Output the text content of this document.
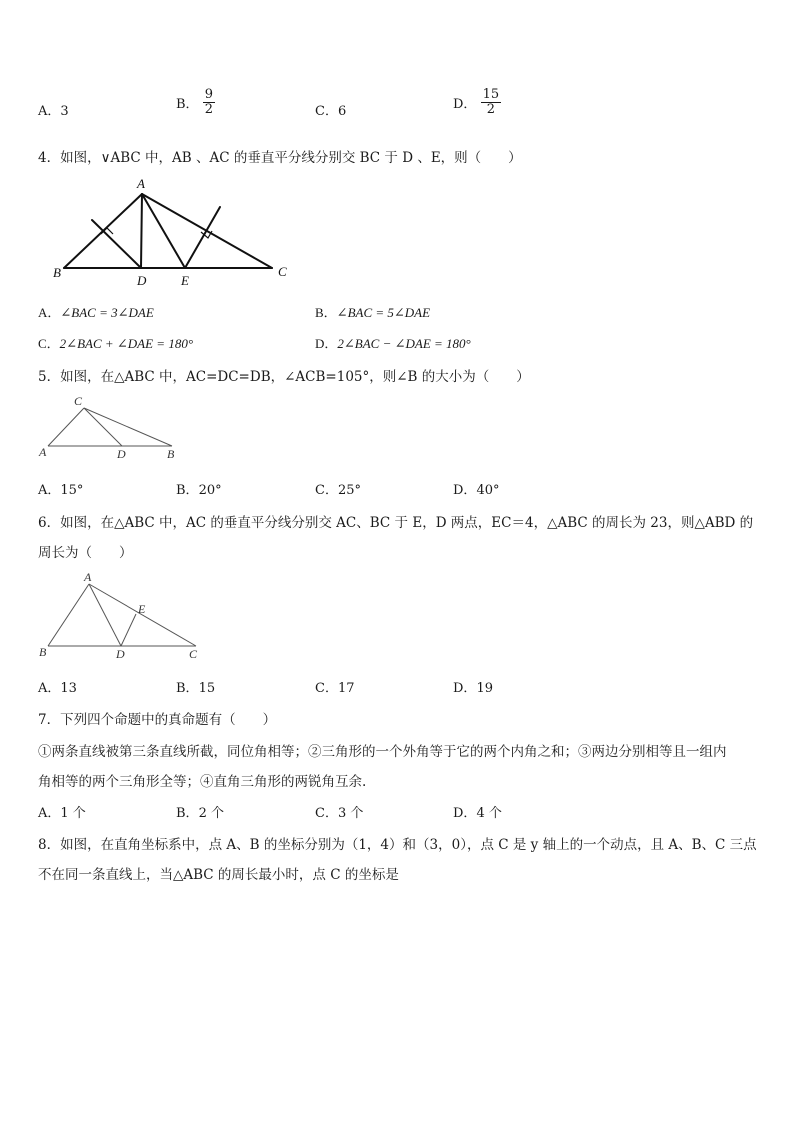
A．3	B． $\frac{9}{2}$	C．6	D． $\frac{15}{2}$
4．如图，∨ABC 中，AB 、AC 的垂直平分线分别交 BC 于 D 、E，则（　　）
A
B	C
D	E
A．∠BAC = 3∠DAE	B．∠BAC = 5∠DAE
C．2∠BAC + ∠DAE = 180°	D．2∠BAC − ∠DAE = 180°
5．如图，在△ABC 中，AC=DC=DB，∠ACB=105°，则∠B 的大小为（　　）
C
A	D	B
A．15°	B．20°	C．25°	D．40°
6．如图，在△ABC 中，AC 的垂直平分线分别交 AC、BC 于 E，D 两点，EC＝4，△ABC 的周长为 23，则△ABD 的
周长为（　　）
A
E
B	D	C
A．13	B．15	C．17	D．19
7．下列四个命题中的真命题有（　　）
①两条直线被第三条直线所截，同位角相等；②三角形的一个外角等于它的两个内角之和；③两边分别相等且一组内
角相等的两个三角形全等；④直角三角形的两锐角互余.
A．1 个	B．2 个	C．3 个	D．4 个
8．如图，在直角坐标系中，点 A、B 的坐标分别为（1，4）和（3，0），点 C 是 y 轴上的一个动点，且 A、B、C 三点
不在同一条直线上，当△ABC 的周长最小时，点 C 的坐标是
